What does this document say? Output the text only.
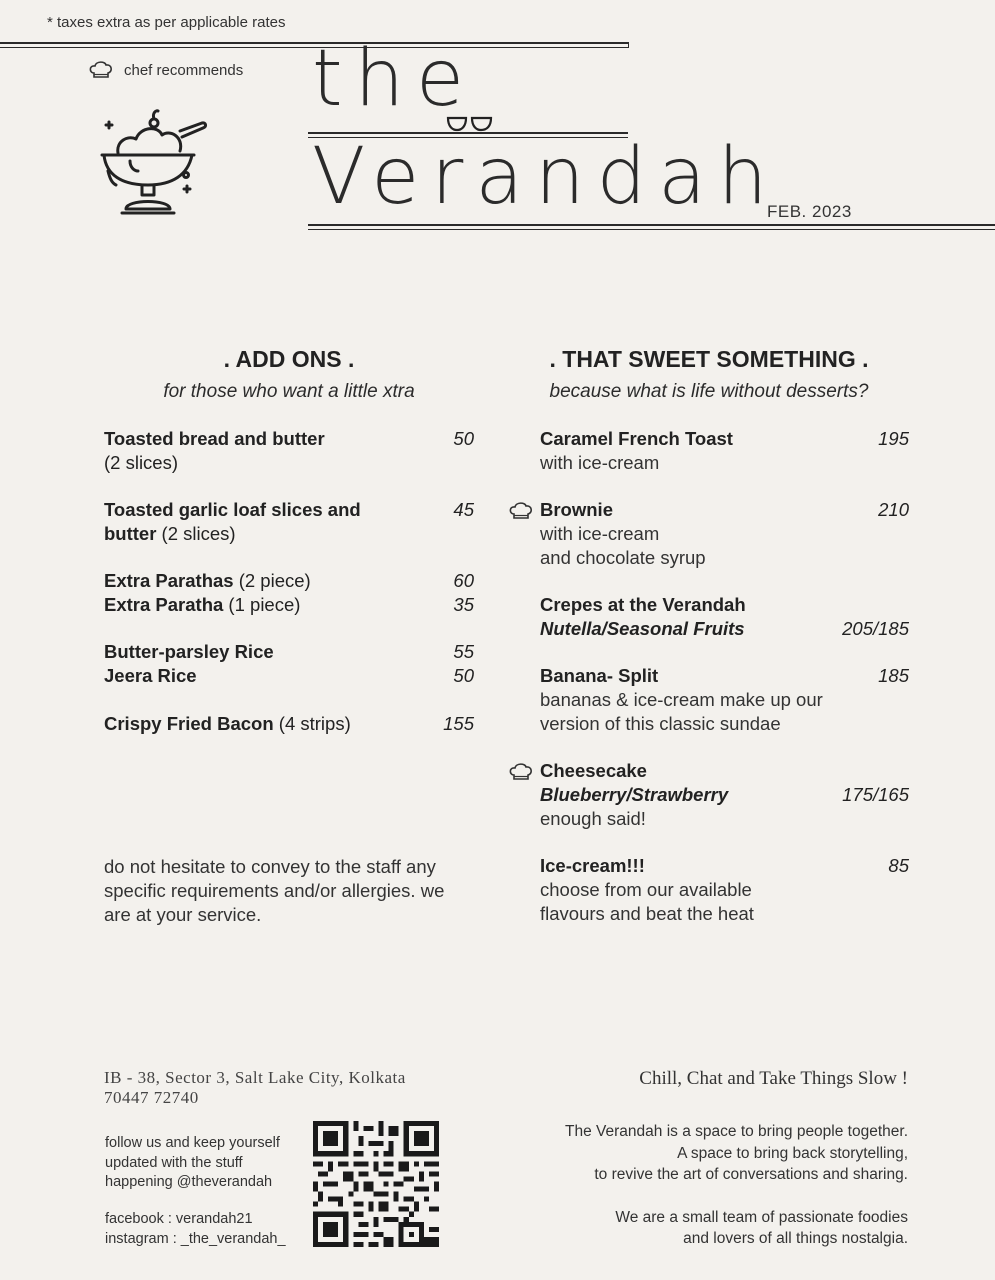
* taxes extra as per applicable rates
chef recommends the
Verandah
FEB. 2023
. ADD ONS .
for those who want a little xtra
Toasted bread and butter
(2 slices)
50
Toasted garlic loaf slices and
butter (2 slices)
45
Extra Parathas (2 piece)	60
Extra Paratha (1 piece)	35
Butter-parsley Rice	55
Jeera Rice	50
Crispy Fried Bacon (4 strips)	155
do not hesitate to convey to the staff any specific requirements and/or allergies. we are at your service.
. THAT SWEET SOMETHING .
because what is life without desserts?
Caramel French Toast
with ice-cream
195
Brownie
with ice-cream
and chocolate syrup
210
Crepes at the Verandah
Nutella/Seasonal Fruits	205/185
Banana- Split
bananas & ice-cream make up our
version of this classic sundae
185
Cheesecake
Blueberry/Strawberry
enough said!
175/165
Ice-cream!!!
choose from our available
flavours and beat the heat
85
IB - 38, Sector 3, Salt Lake City, Kolkata
70447 72740
follow us and keep yourself updated with the stuff happening @theverandah
facebook : verandah21
instagram : _the_verandah_
Chill, Chat and Take Things Slow !

The Verandah is a space to bring people together.
A space to bring back storytelling,
to revive the art of conversations and sharing.

We are a small team of passionate foodies
and lovers of all things nostalgia.
